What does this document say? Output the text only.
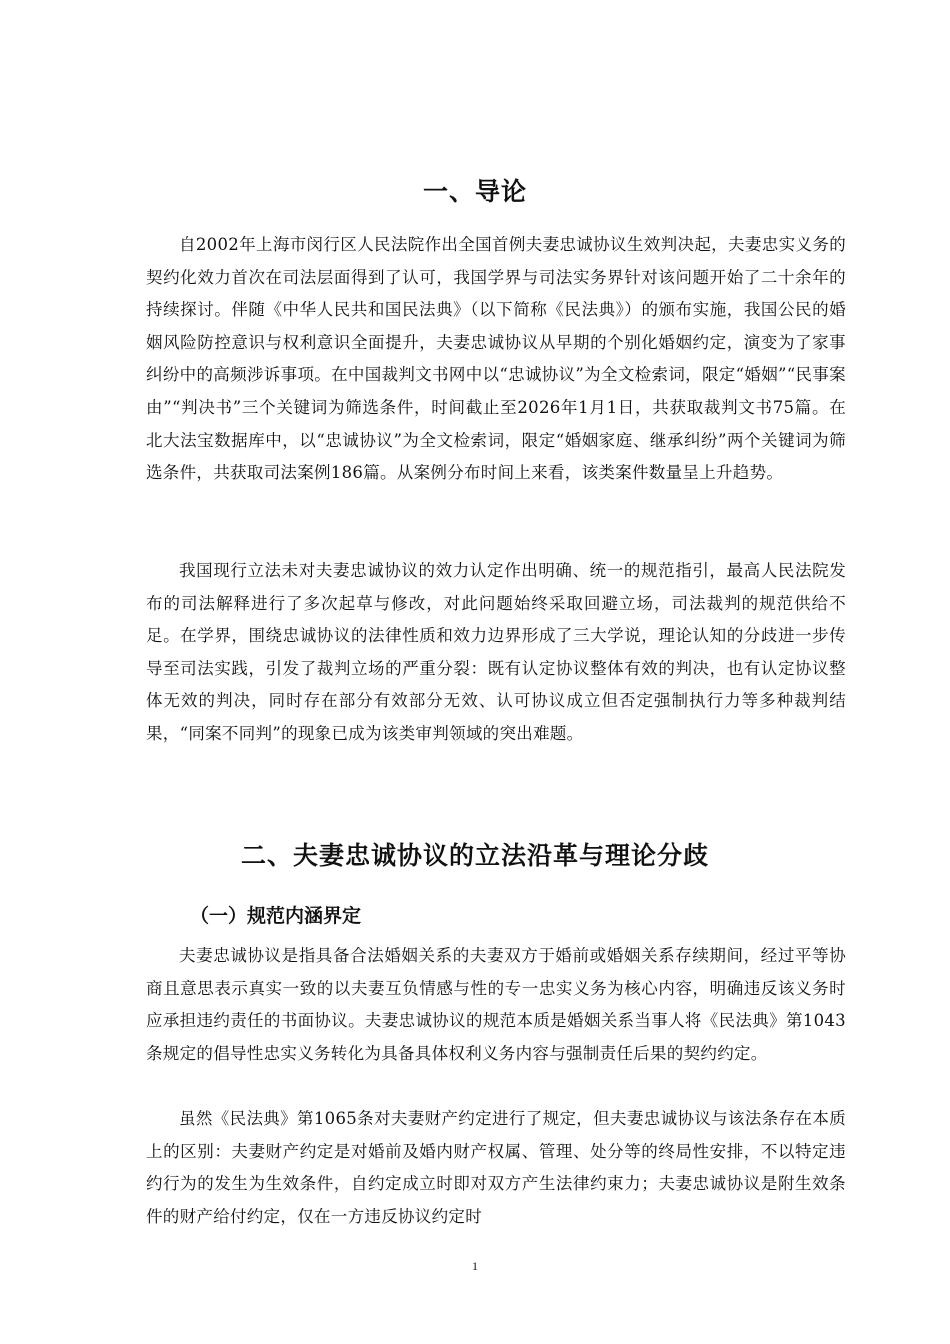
一、导论

自2002年上海市闵行区人民法院作出全国首例夫妻忠诚协议生效判决起，夫妻忠实义务的契约化效力首次在司法层面得到了认可，我国学界与司法实务界针对该问题开始了二十余年的持续探讨。伴随《中华人民共和国民法典》（以下简称《民法典》）的颁布实施，我国公民的婚姻风险防控意识与权利意识全面提升，夫妻忠诚协议从早期的个别化婚姻约定，演变为了家事纠纷中的高频涉诉事项。在中国裁判文书网中以“忠诚协议”为全文检索词，限定“婚姻”“民事案由”“判决书”三个关键词为筛选条件，时间截止至2026年1月1日，共获取裁判文书75篇。在北大法宝数据库中，以“忠诚协议”为全文检索词，限定“婚姻家庭、继承纠纷”两个关键词为筛选条件，共获取司法案例186篇。从案例分布时间上来看，该类案件数量呈上升趋势。

我国现行立法未对夫妻忠诚协议的效力认定作出明确、统一的规范指引，最高人民法院发布的司法解释进行了多次起草与修改，对此问题始终采取回避立场，司法裁判的规范供给不足。在学界，围绕忠诚协议的法律性质和效力边界形成了三大学说，理论认知的分歧进一步传导至司法实践，引发了裁判立场的严重分裂：既有认定协议整体有效的判决，也有认定协议整体无效的判决，同时存在部分有效部分无效、认可协议成立但否定强制执行力等多种裁判结果，“同案不同判”的现象已成为该类审判领域的突出难题。

二、夫妻忠诚协议的立法沿革与理论分歧
（一）规范内涵界定

夫妻忠诚协议是指具备合法婚姻关系的夫妻双方于婚前或婚姻关系存续期间，经过平等协商且意思表示真实一致的以夫妻互负情感与性的专一忠实义务为核心内容，明确违反该义务时应承担违约责任的书面协议。夫妻忠诚协议的规范本质是婚姻关系当事人将《民法典》第1043条规定的倡导性忠实义务转化为具备具体权利义务内容与强制责任后果的契约约定。

虽然《民法典》第1065条对夫妻财产约定进行了规定，但夫妻忠诚协议与该法条存在本质上的区别：夫妻财产约定是对婚前及婚内财产权属、管理、处分等的终局性安排，不以特定违约行为的发生为生效条件，自约定成立时即对双方产生法律约束力；夫妻忠诚协议是附生效条件的财产给付约定，仅在一方违反协议约定时

1
